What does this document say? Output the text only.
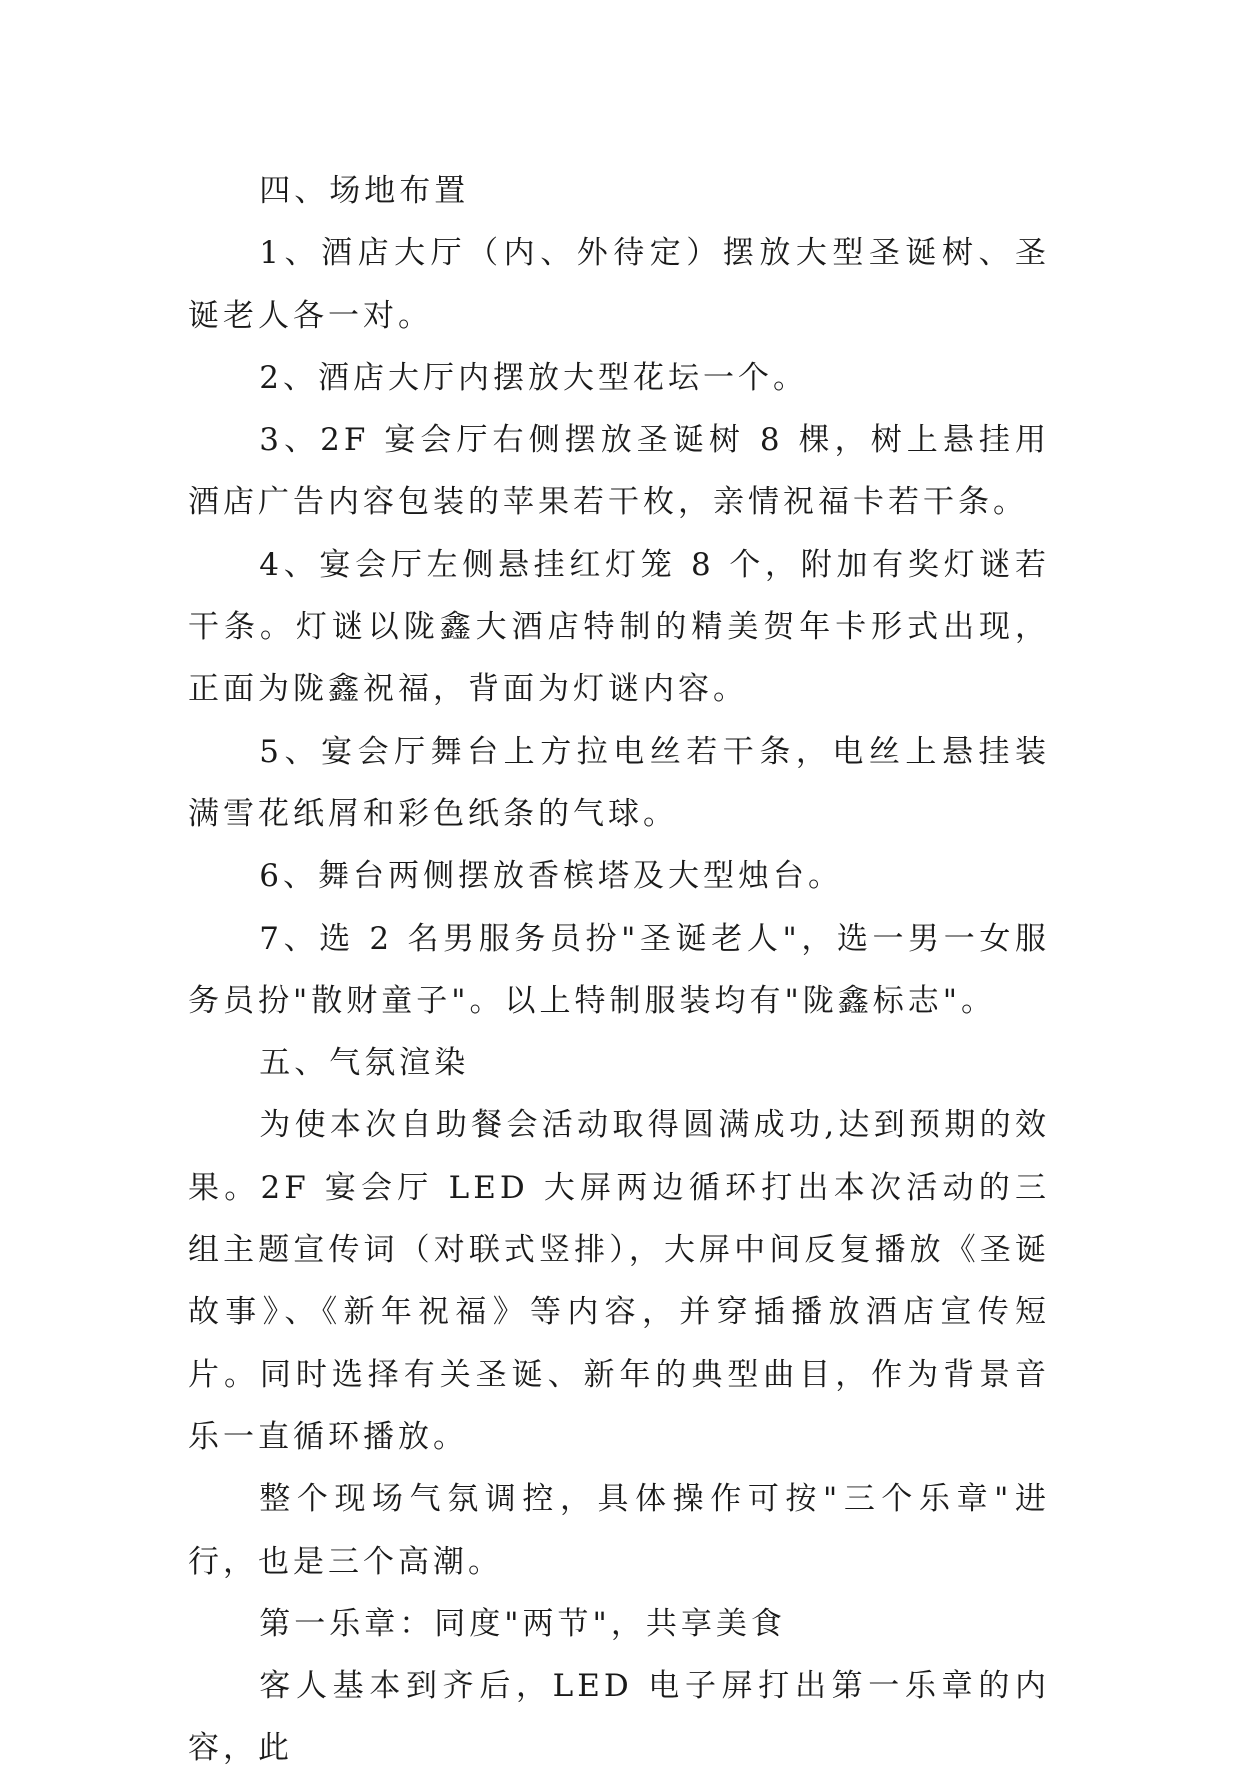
四、场地布置

1、酒店大厅（内、外待定）摆放大型圣诞树、圣诞老人各一对。

2、酒店大厅内摆放大型花坛一个。

3、2F 宴会厅右侧摆放圣诞树 8 棵，树上悬挂用酒店广告内容包装的苹果若干枚，亲情祝福卡若干条。

4、宴会厅左侧悬挂红灯笼 8 个，附加有奖灯谜若干条。灯谜以陇鑫大酒店特制的精美贺年卡形式出现，正面为陇鑫祝福，背面为灯谜内容。

5、宴会厅舞台上方拉电丝若干条，电丝上悬挂装满雪花纸屑和彩色纸条的气球。

6、舞台两侧摆放香槟塔及大型烛台。

7、选 2 名男服务员扮"圣诞老人"，选一男一女服务员扮"散财童子"。以上特制服装均有"陇鑫标志"。

五、气氛渲染

为使本次自助餐会活动取得圆满成功,达到预期的效果。2F 宴会厅 LED 大屏两边循环打出本次活动的三组主题宣传词（对联式竖排），大屏中间反复播放《圣诞故事》、《新年祝福》等内容，并穿插播放酒店宣传短片。同时选择有关圣诞、新年的典型曲目，作为背景音乐一直循环播放。

整个现场气氛调控，具体操作可按"三个乐章"进行，也是三个高潮。

第一乐章：同度"两节"，共享美食

客人基本到齐后，LED 电子屏打出第一乐章的内容，此
